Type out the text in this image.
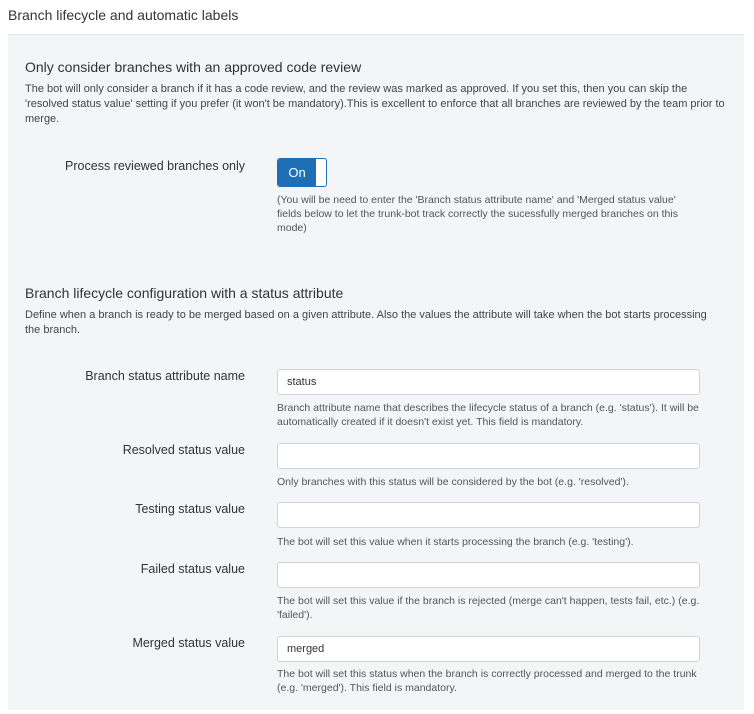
Branch lifecycle and automatic labels
Only consider branches with an approved code review
The bot will only consider a branch if it has a code review, and the review was marked as approved. If you set this, then you can skip the 'resolved status value' setting if you prefer (it won't be mandatory).This is excellent to enforce that all branches are reviewed by the team prior to merge.
Process reviewed branches only	On
(You will be need to enter the 'Branch status attribute name' and 'Merged status value' fields below to let the trunk-bot track correctly the sucessfully merged branches on this mode)
Branch lifecycle configuration with a status attribute
Define when a branch is ready to be merged based on a given attribute. Also the values the attribute will take when the bot starts processing the branch.
Branch status attribute name
status
Branch attribute name that describes the lifecycle status of a branch (e.g. 'status'). It will be automatically created if it doesn't exist yet. This field is mandatory.
Resolved status value
Only branches with this status will be considered by the bot (e.g. 'resolved').
Testing status value
The bot will set this value when it starts processing the branch (e.g. 'testing').
Failed status value
The bot will set this value if the branch is rejected (merge can't happen, tests fail, etc.) (e.g. 'failed').
Merged status value
merged
The bot will set this status when the branch is correctly processed and merged to the trunk (e.g. 'merged'). This field is mandatory.
